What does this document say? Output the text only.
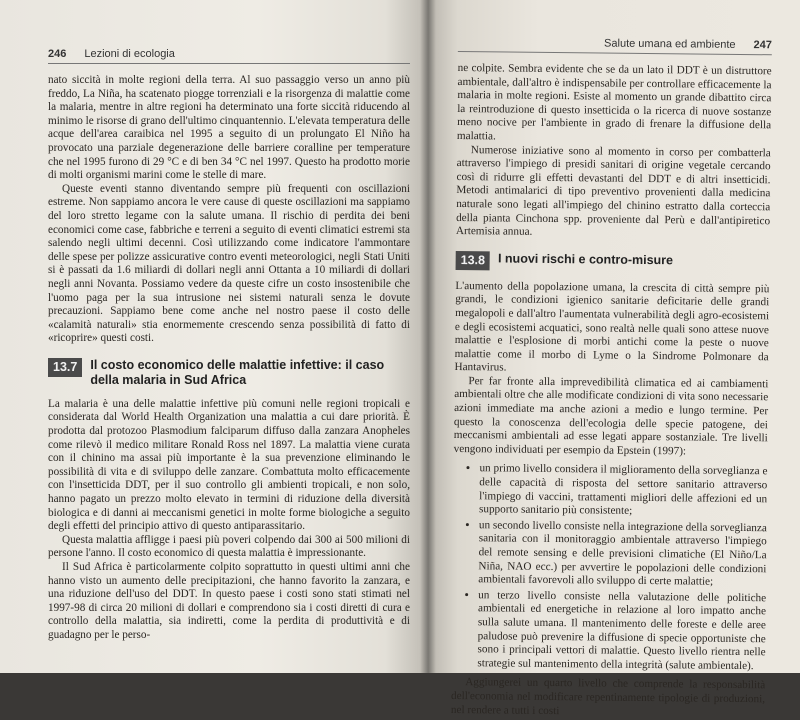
246 Lezioni di ecologia

nato siccità in molte regioni della terra. Al suo passaggio verso un anno più freddo, La Niña, ha scatenato piogge torrenziali e la risorgenza di malattie come la malaria, mentre in altre regioni ha determinato una forte siccità riducendo al minimo le risorse di grano dell'ultimo cinquantennio. L'elevata temperatura delle acque dell'area caraibica nel 1995 a seguito di un prolungato El Niño ha provocato una parziale degenerazione delle barriere coralline per temperature che nel 1995 furono di 29 °C e di ben 34 °C nel 1997. Questo ha prodotto morie di molti organismi marini come le stelle di mare.

Queste eventi stanno diventando sempre più frequenti con oscillazioni estreme. Non sappiamo ancora le vere cause di queste oscillazioni ma sappiamo del loro stretto legame con la salute umana. Il rischio di perdita dei beni economici come case, fabbriche e terreni a seguito di eventi climatici estremi sta salendo negli ultimi decenni. Così utilizzando come indicatore l'ammontare delle spese per polizze assicurative contro eventi meteorologici, negli Stati Uniti si è passati da 1.6 miliardi di dollari negli anni Ottanta a 10 miliardi di dollari negli anni Novanta. Possiamo vedere da queste cifre un costo insostenibile che l'uomo paga per la sua intrusione nei sistemi naturali senza le dovute precauzioni. Sappiamo bene come anche nel nostro paese il costo delle «calamità naturali» stia enormemente crescendo senza possibilità di fatto di «ricoprire» questi costi.

13.7	Il costo economico delle malattie infettive: il caso della malaria in Sud Africa

La malaria è una delle malattie infettive più comuni nelle regioni tropicali e considerata dal World Health Organization una malattia a cui dare priorità. È prodotta dal protozoo Plasmodium falciparum diffuso dalla zanzara Anopheles come rilevò il medico militare Ronald Ross nel 1897. La malattia viene curata con il chinino ma assai più importante è la sua prevenzione eliminando le possibilità di vita e di sviluppo delle zanzare. Combattuta molto efficacemente con l'insetticida DDT, per il suo controllo gli ambienti tropicali, e non solo, hanno pagato un prezzo molto elevato in termini di riduzione della diversità biologica e di danni ai meccanismi genetici in molte forme biologiche a seguito degli effetti del principio attivo di questo antiparassitario.

Questa malattia affligge i paesi più poveri colpendo dai 300 ai 500 milioni di persone l'anno. Il costo economico di questa malattia è impressionante.

Il Sud Africa è particolarmente colpito soprattutto in questi ultimi anni che hanno visto un aumento delle precipitazioni, che hanno favorito la zanzara, e una riduzione dell'uso del DDT. In questo paese i costi sono stati stimati nel 1997-98 di circa 20 milioni di dollari e comprendono sia i costi diretti di cura e controllo della malattia, sia indiretti, come la perdita di produttività e di guadagno per le perso-

Salute umana ed ambiente 247

ne colpite. Sembra evidente che se da un lato il DDT è un distruttore ambientale, dall'altro è indispensabile per controllare efficacemente la malaria in molte regioni. Esiste al momento un grande dibattito circa la reintroduzione di questo insetticida o la ricerca di nuove sostanze meno nocive per l'ambiente in grado di frenare la diffusione della malattia.

Numerose iniziative sono al momento in corso per combatterla attraverso l'impiego di presidi sanitari di origine vegetale cercando così di ridurre gli effetti devastanti del DDT e di altri insetticidi. Metodi antimalarici di tipo preventivo provenienti dalla medicina naturale sono legati all'impiego del chinino estratto dalla corteccia della pianta Cinchona spp. proveniente dal Perù e dall'antipiretico Artemisia annua.

13.8	I nuovi rischi e contro-misure

L'aumento della popolazione umana, la crescita di città sempre più grandi, le condizioni igienico sanitarie deficitarie delle grandi megalopoli e dall'altro l'aumentata vulnerabilità degli agro-ecosistemi e degli ecosistemi acquatici, sono realtà nelle quali sono attese nuove malattie e l'esplosione di morbi antichi come la peste o nuove malattie come il morbo di Lyme o la Sindrome Polmonare da Hantavirus.

Per far fronte alla imprevedibilità climatica ed ai cambiamenti ambientali oltre che alle modificate condizioni di vita sono necessarie azioni immediate ma anche azioni a medio e lungo termine. Per questo la conoscenza dell'ecologia delle specie patogene, dei meccanismi ambientali ad esse legati appare sostanziale. Tre livelli vengono individuati per esempio da Epstein (1997):

• un primo livello considera il miglioramento della sorveglianza e delle capacità di risposta del settore sanitario attraverso l'impiego di vaccini, trattamenti migliori delle affezioni ed un supporto sanitario più consistente;
• un secondo livello consiste nella integrazione della sorveglianza sanitaria con il monitoraggio ambientale attraverso l'impiego del remote sensing e delle previsioni climatiche (El Niño/La Niña, NAO ecc.) per avvertire le popolazioni delle condizioni ambientali favorevoli allo sviluppo di certe malattie;
• un terzo livello consiste nella valutazione delle politiche ambientali ed energetiche in relazione al loro impatto anche sulla salute umana. Il mantenimento delle foreste e delle aree paludose può prevenire la diffusione di specie opportuniste che sono i principali vettori di malattie. Questo livello rientra nelle strategie sul mantenimento della integrità (salute ambientale).

Aggiungerei un quarto livello che comprende la responsabilità dell'economia nel modificare repentinamente tipologie di produzioni, nel rendere a tutti i costi
